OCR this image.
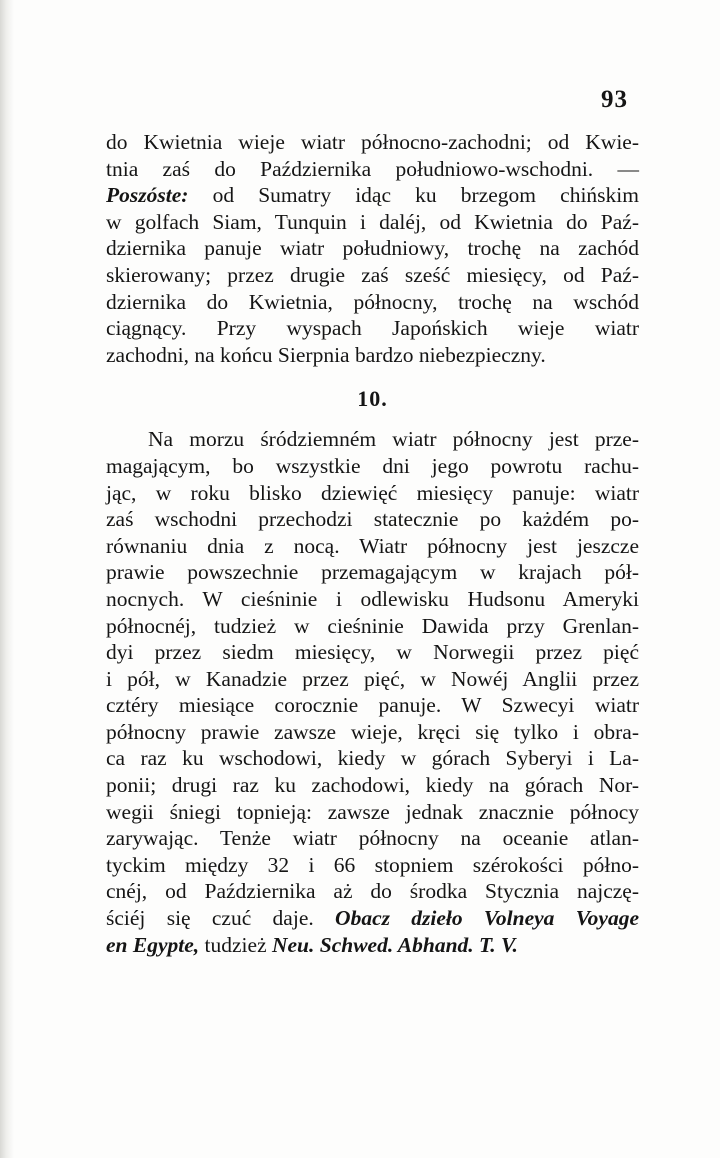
93
do Kwietnia wieje wiatr północno-zachodni; od Kwie-
tnia zaś do Października południowo-wschodni. —
Poszóste: od Sumatry idąc ku brzegom chińskim
w golfach Siam, Tunquin i daléj, od Kwietnia do Paź-
dziernika panuje wiatr południowy, trochę na zachód
skierowany; przez drugie zaś sześć miesięcy, od Paź-
dziernika do Kwietnia, północny, trochę na wschód
ciągnący. Przy wyspach Japońskich wieje wiatr
zachodni, na końcu Sierpnia bardzo niebezpieczny.
10.
Na morzu śródziemném wiatr północny jest prze-
magającym, bo wszystkie dni jego powrotu rachu-
jąc, w roku blisko dziewięć miesięcy panuje: wiatr
zaś wschodni przechodzi statecznie po każdém po-
równaniu dnia z nocą. Wiatr północny jest jeszcze
prawie powszechnie przemagającym w krajach pół-
nocnych. W cieśninie i odlewisku Hudsonu Ameryki
północnéj, tudzież w cieśninie Dawida przy Grenlan-
dyi przez siedm miesięcy, w Norwegii przez pięć
i pół, w Kanadzie przez pięć, w Nowéj Anglii przez
cztéry miesiące corocznie panuje. W Szwecyi wiatr
północny prawie zawsze wieje, kręci się tylko i obra-
ca raz ku wschodowi, kiedy w górach Syberyi i La-
ponii; drugi raz ku zachodowi, kiedy na górach Nor-
wegii śniegi topnieją: zawsze jednak znacznie północy
zarywając. Tenże wiatr północny na oceanie atlan-
tyckim między 32 i 66 stopniem szérokości półno-
cnéj, od Października aż do środka Stycznia najczę-
ściéj się czuć daje. Obacz dzieło Volneya Voyage
en Egypte, tudzież Neu. Schwed. Abhand. T. V.
